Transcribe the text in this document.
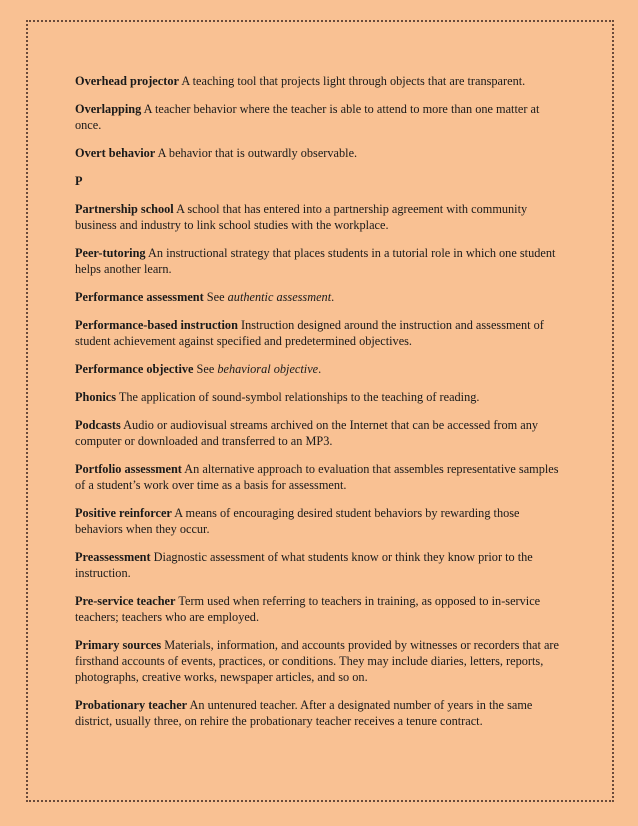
Overhead projector A teaching tool that projects light through objects that are transparent.

Overlapping A teacher behavior where the teacher is able to attend to more than one matter at once.

Overt behavior A behavior that is outwardly observable.

P

Partnership school A school that has entered into a partnership agreement with community business and industry to link school studies with the workplace.

Peer-tutoring An instructional strategy that places students in a tutorial role in which one student helps another learn.

Performance assessment See authentic assessment.

Performance-based instruction Instruction designed around the instruction and assessment of student achievement against specified and predetermined objectives.

Performance objective See behavioral objective.

Phonics The application of sound-symbol relationships to the teaching of reading.

Podcasts Audio or audiovisual streams archived on the Internet that can be accessed from any computer or downloaded and transferred to an MP3.

Portfolio assessment An alternative approach to evaluation that assembles representative samples of a student’s work over time as a basis for assessment.

Positive reinforcer A means of encouraging desired student behaviors by rewarding those behaviors when they occur.

Preassessment Diagnostic assessment of what students know or think they know prior to the instruction.

Pre-service teacher Term used when referring to teachers in training, as opposed to in-service teachers; teachers who are employed.

Primary sources Materials, information, and accounts provided by witnesses or recorders that are firsthand accounts of events, practices, or conditions. They may include diaries, letters, reports, photographs, creative works, newspaper articles, and so on.

Probationary teacher An untenured teacher. After a designated number of years in the same district, usually three, on rehire the probationary teacher receives a tenure contract.
